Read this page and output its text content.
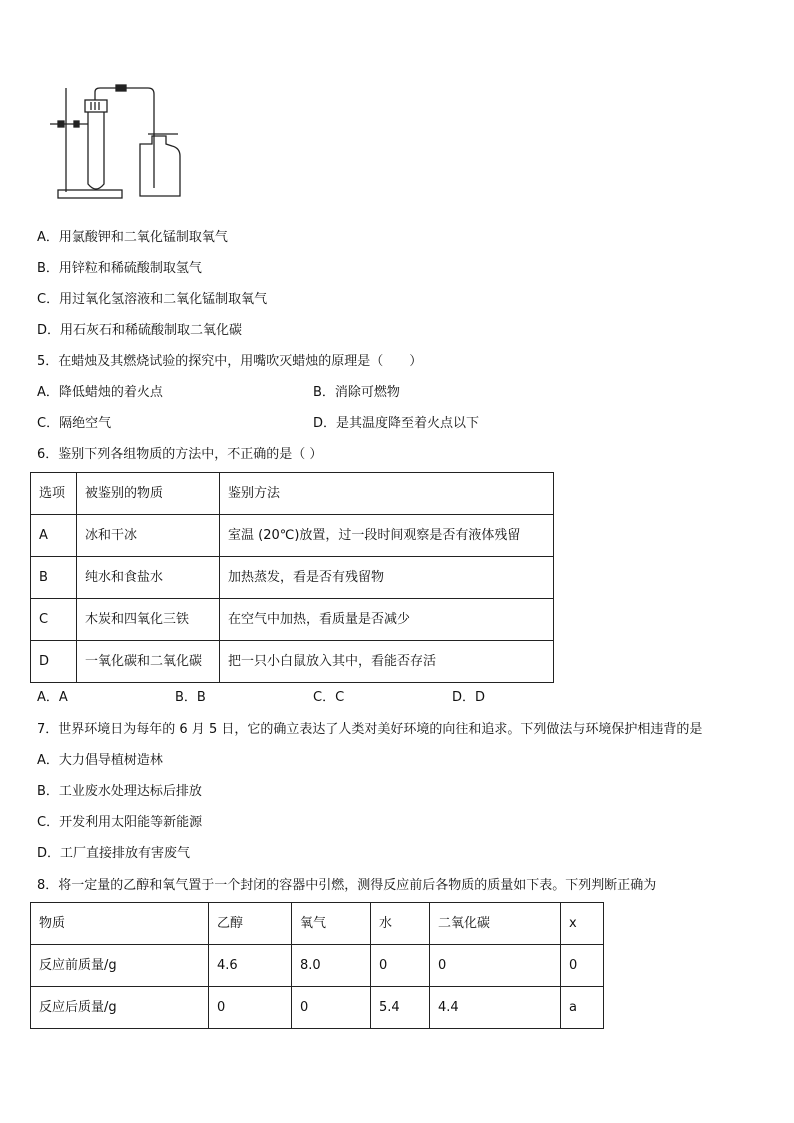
A．用氯酸钾和二氧化锰制取氧气
B．用锌粒和稀硫酸制取氢气
C．用过氧化氢溶液和二氧化锰制取氧气
D．用石灰石和稀硫酸制取二氧化碳
5．在蜡烛及其燃烧试验的探究中，用嘴吹灭蜡烛的原理是（　　）
A．降低蜡烛的着火点	B．消除可燃物
C．隔绝空气	D．是其温度降至着火点以下
6．鉴别下列各组物质的方法中，不正确的是（ ）
选项	被鉴别的物质	鉴别方法
A	冰和干冰	室温 (20℃)放置，过一段时间观察是否有液体残留
B	纯水和食盐水	加热蒸发，看是否有残留物
C	木炭和四氧化三铁	在空气中加热，看质量是否减少
D	一氧化碳和二氧化碳	把一只小白鼠放入其中，看能否存活
A．A	B．B	C．C	D．D
7．世界环境日为每年的 6 月 5 日，它的确立表达了人类对美好环境的向往和追求。下列做法与环境保护相违背的是
A．大力倡导植树造林
B．工业废水处理达标后排放
C．开发利用太阳能等新能源
D．工厂直接排放有害废气
8．将一定量的乙醇和氧气置于一个封闭的容器中引燃，测得反应前后各物质的质量如下表。下列判断正确为
物质	乙醇	氧气	水	二氧化碳	x
反应前质量/g	4.6	8.0	0	0	0
反应后质量/g	0	0	5.4	4.4	a
